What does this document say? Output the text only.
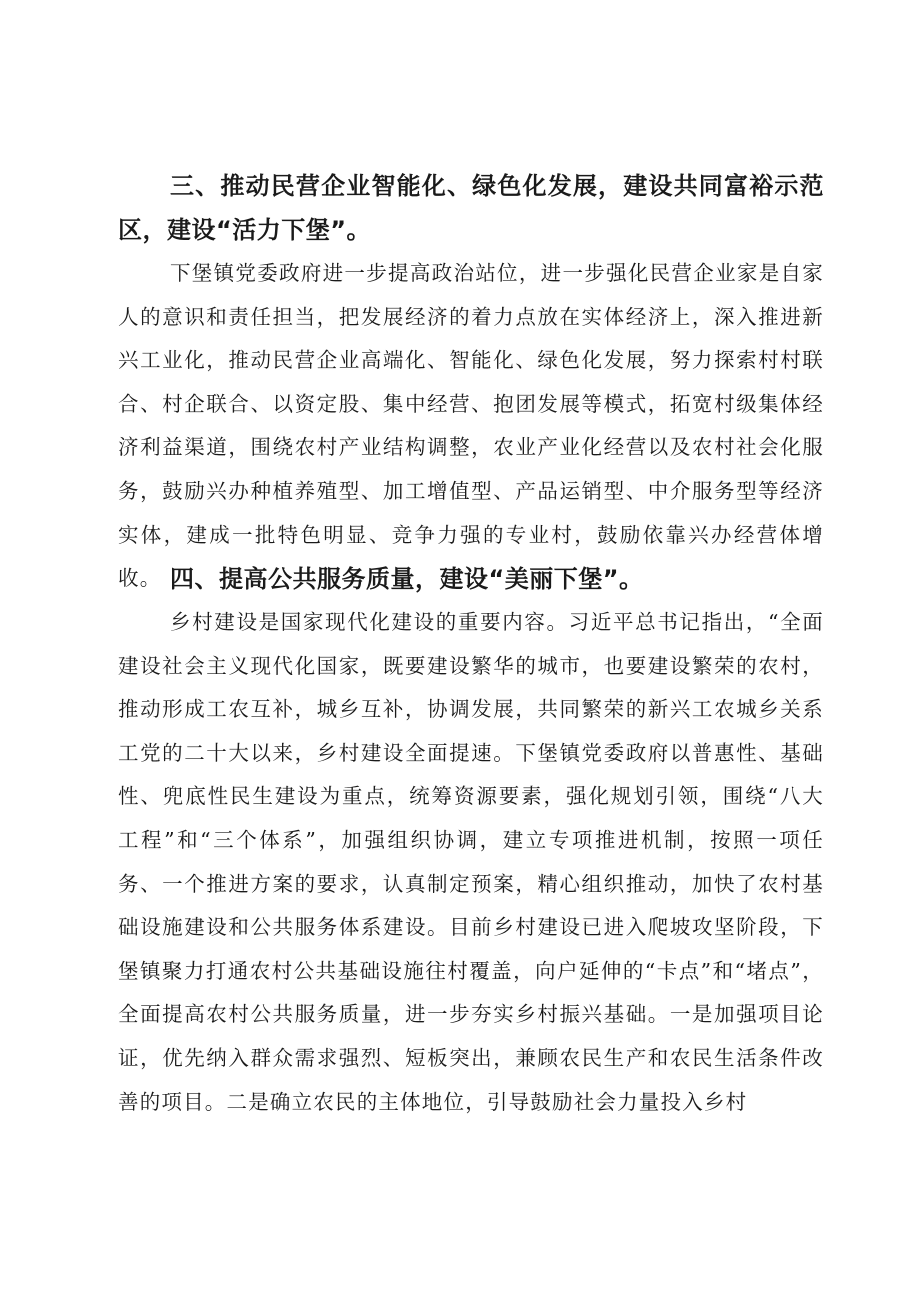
三、推动民营企业智能化、绿色化发展，建设共同富裕示范区，建设“活力下堡”。
下堡镇党委政府进一步提高政治站位，进一步强化民营企业家是自家人的意识和责任担当，把发展经济的着力点放在实体经济上，深入推进新兴工业化，推动民营企业高端化、智能化、绿色化发展，努力探索村村联合、村企联合、以资定股、集中经营、抱团发展等模式，拓宽村级集体经济利益渠道，围绕农村产业结构调整，农业产业化经营以及农村社会化服务，鼓励兴办种植养殖型、加工增值型、产品运销型、中介服务型等经济实体，建成一批特色明显、竞争力强的专业村，鼓励依靠兴办经营体增收。 四、提高公共服务质量，建设“美丽下堡”。
乡村建设是国家现代化建设的重要内容。习近平总书记指出，“全面建设社会主义现代化国家，既要建设繁华的城市，也要建设繁荣的农村，推动形成工农互补，城乡互补，协调发展，共同繁荣的新兴工农城乡关系工党的二十大以来，乡村建设全面提速。下堡镇党委政府以普惠性、基础性、兜底性民生建设为重点，统筹资源要素，强化规划引领，围绕“八大工程”和“三个体系”，加强组织协调，建立专项推进机制，按照一项任务、一个推进方案的要求，认真制定预案，精心组织推动，加快了农村基础设施建设和公共服务体系建设。目前乡村建设已进入爬坡攻坚阶段，下堡镇聚力打通农村公共基础设施往村覆盖，向户延伸的“卡点”和“堵点”，全面提高农村公共服务质量，进一步夯实乡村振兴基础。一是加强项目论证，优先纳入群众需求强烈、短板突出，兼顾农民生产和农民生活条件改善的项目。二是确立农民的主体地位，引导鼓励社会力量投入乡村
